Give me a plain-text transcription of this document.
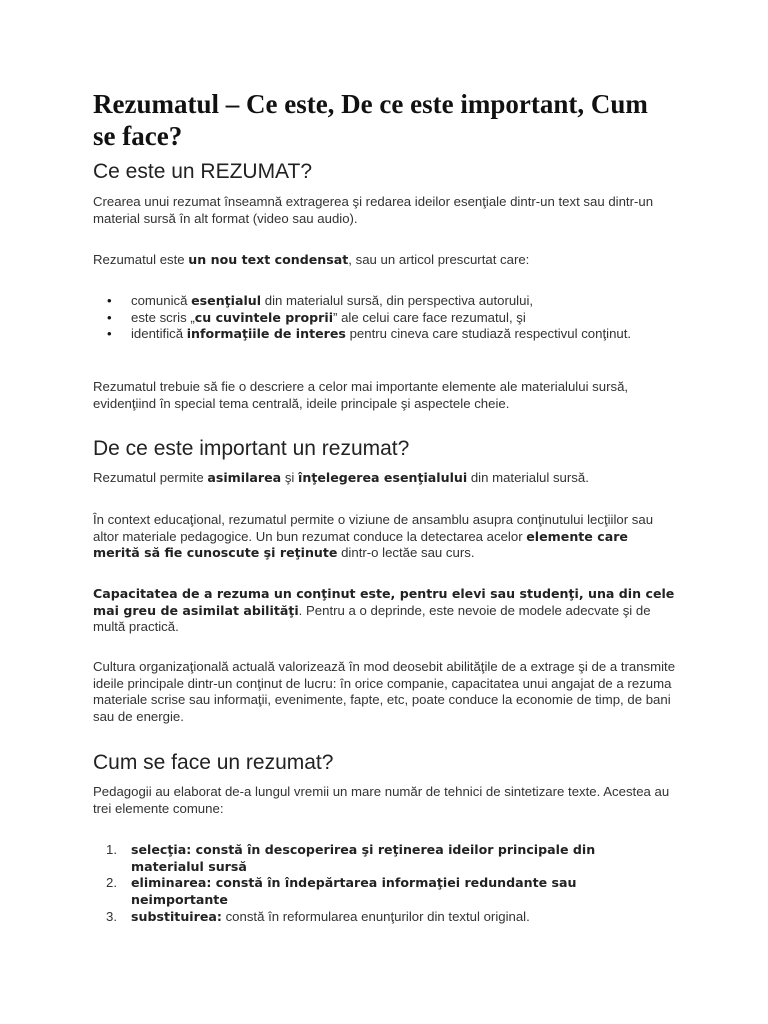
Rezumatul – Ce este, De ce este important, Cum se face?
Ce este un REZUMAT?

Crearea unui rezumat înseamnă extragerea şi redarea ideilor esenţiale dintr-un text sau dintr-un material sursă în alt format (video sau audio).

Rezumatul este un nou text condensat, sau un articol prescurtat care:

• comunică esenţialul din materialul sursă, din perspectiva autorului,
• este scris „cu cuvintele proprii” ale celui care face rezumatul, şi
• identifică informaţiile de interes pentru cineva care studiază respectivul conţinut.

Rezumatul trebuie să fie o descriere a celor mai importante elemente ale materialului sursă, evidenţiind în special tema centrală, ideile principale şi aspectele cheie.

De ce este important un rezumat?

Rezumatul permite asimilarea şi înţelegerea esenţialului din materialul sursă.

În context educaţional, rezumatul permite o viziune de ansamblu asupra conţinutului lecţiilor sau altor materiale pedagogice. Un bun rezumat conduce la detectarea acelor elemente care merită să fie cunoscute şi reţinute dintr-o lectăe sau curs.

Capacitatea de a rezuma un conţinut este, pentru elevi sau studenţi, una din cele mai greu de asimilat abilităţi. Pentru a o deprinde, este nevoie de modele adecvate şi de multă practică.

Cultura organizaţională actuală valorizează în mod deosebit abilităţile de a extrage şi de a transmite ideile principale dintr-un conţinut de lucru: în orice companie, capacitatea unui angajat de a rezuma materiale scrise sau informaţii, evenimente, fapte, etc, poate conduce la economie de timp, de bani sau de energie.

Cum se face un rezumat?

Pedagogii au elaborat de-a lungul vremii un mare număr de tehnici de sintetizare texte. Acestea au trei elemente comune:

1. selecţia: constă în descoperirea şi reţinerea ideilor principale din materialul sursă
2. eliminarea: constă în îndepărtarea informaţiei redundante sau neimportante
3. substituirea: constă în reformularea enunţurilor din textul original.
